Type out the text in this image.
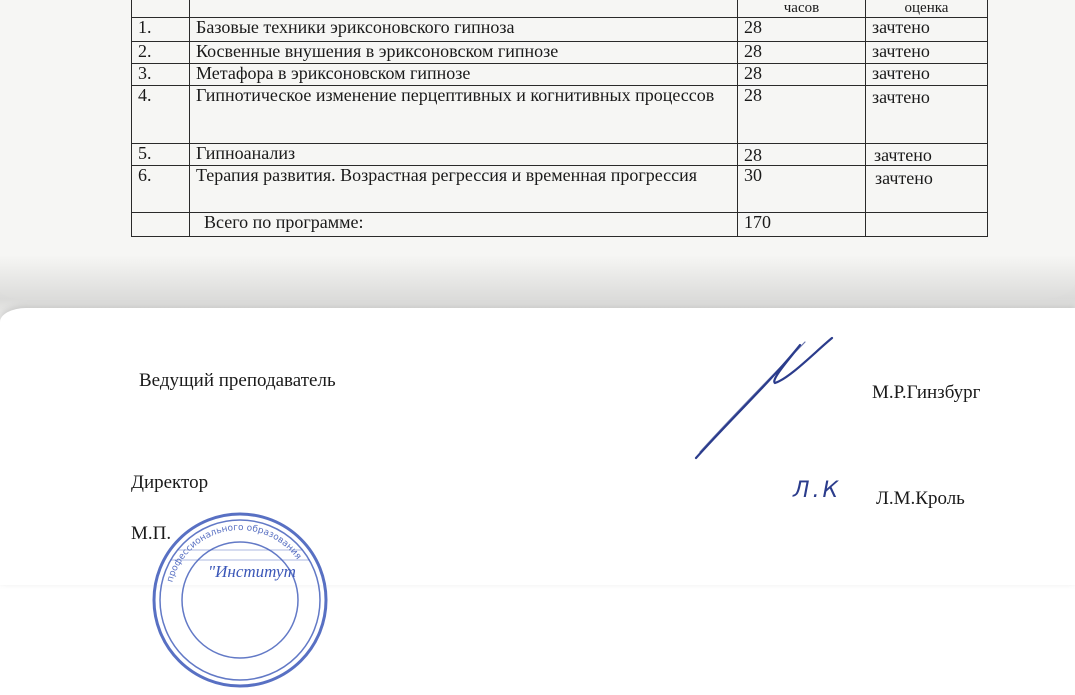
		часов	оценка
1.	Базовые техники эриксоновского гипноза	28	зачтено
2.	Косвенные внушения в эриксоновском гипнозе	28	зачтено
3.	Метафора в эриксоновском гипнозе	28	зачтено
4.	Гипнотическое изменение перцептивных и когнитивных процессов	28	зачтено
5.	Гипноанализ	28	зачтено
6.	Терапия развития. Возрастная регрессия и временная прогрессия	30	зачтено
	Всего по программе:	170	
Ведущий преподаватель
М.Р.Гинзбург
Директор
Л.М.Кроль
М.П.
Л.К
профессионального образования
"Институт
